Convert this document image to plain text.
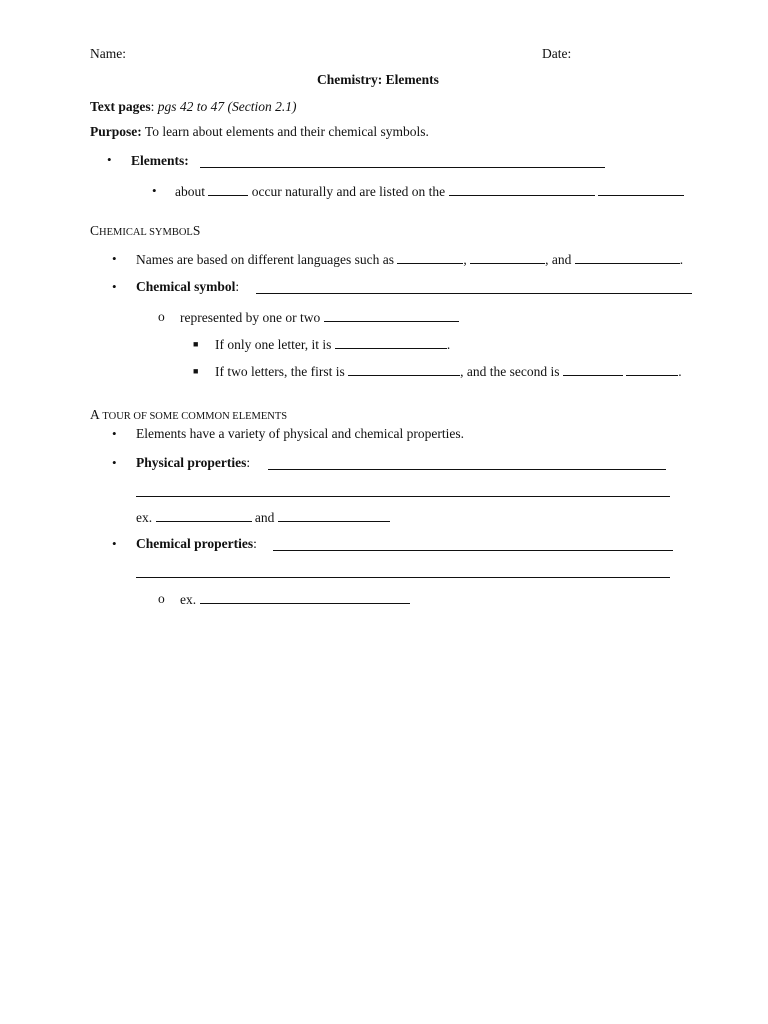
Name:	Date:
Chemistry: Elements
Text pages: pgs 42 to 47 (Section 2.1)
Purpose: To learn about elements and their chemical symbols.
• Elements:
• about	occur naturally and are listed on the
CHEMICAL SYMBOLS
• Names are based on different languages such as	,	, and	.
• Chemical symbol:
o represented by one or two
■ If only one letter, it is	.
■ If two letters, the first is	, and the second is	.
A TOUR OF SOME COMMON ELEMENTS
• Elements have a variety of physical and chemical properties.
• Physical properties:
ex.	and
• Chemical properties:
o ex.
